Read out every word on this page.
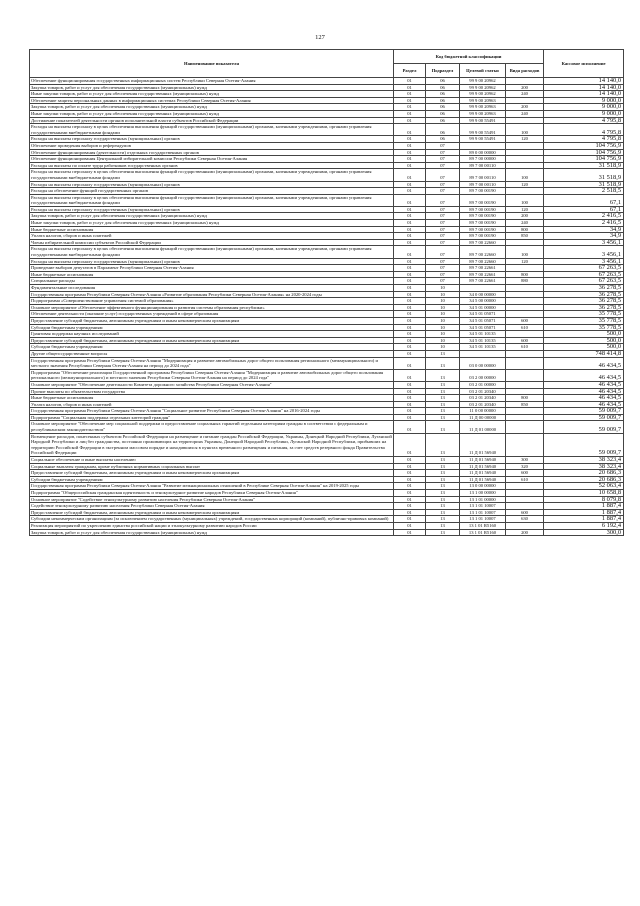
127
Наименование показателя	Код бюджетной классификации				Кассовое исполнение
	Раздел	Подраздел	Целевой статьи	Вида расходов	
Обеспечение функционирования государственных информационных систем Республики Северная Осетия-Алания	01	06	99 9 00 20962		14 140,0
Закупка товаров, работ и услуг для обеспечения государственных (муниципальных) нужд	01	06	99 9 00 20962	200	14 140,0
Иные закупки товаров, работ и услуг для обеспечения государственных (муниципальных) нужд	01	06	99 9 00 20962	240	14 140,0
Обеспечение защиты персональных данных в информационных системах Республики Северная Осетия-Алания	01	06	99 9 00 20963		9 000,0
Закупка товаров, работ и услуг для обеспечения государственных (муниципальных) нужд	01	06	99 9 00 20963	200	9 000,0
Иные закупки товаров, работ и услуг для обеспечения государственных (муниципальных) нужд	01	06	99 9 00 20963	240	9 000,0
Достижение показателей деятельности органов исполнительной власти субъектов Российской Федерации	01	06	99 9 00 55491		4 795,8
Расходы на выплаты персоналу в целях обеспечения выполнения функций государственными (муниципальными) органами, казенными учреждениями, органами управления государственными внебюджетными фондами	01	06	99 9 00 55491	100	4 795,8
Расходы на выплаты персоналу государственных (муниципальных) органов	01	06	99 9 00 55491	120	4 795,8
Обеспечение проведения выборов и референдумов	01	07			104 756,9
Обеспечение функционирования (деятельности) отдельных государственных органов	01	07	89 0 00 00000		104 756,9
Обеспечение функционирования Центральной избирательной комиссии Республики Северная Осетия-Алания	01	07	89 7 00 00000		104 756,9
Расходы на выплаты по оплате труда работников государственных органов	01	07	89 7 00 00110		31 518,9
Расходы на выплаты персоналу в целях обеспечения выполнения функций государственными (муниципальными) органами, казенными учреждениями, органами управления государственными внебюджетными фондами	01	07	89 7 00 00110	100	31 518,9
Расходы на выплаты персоналу государственных (муниципальных) органов	01	07	89 7 00 00110	120	31 518,9
Расходы на обеспечение функций государственных органов	01	07	89 7 00 00190		2 518,5
Расходы на выплаты персоналу в целях обеспечения выполнения функций государственными (муниципальными) органами, казенными учреждениями, органами управления государственными внебюджетными фондами	01	07	89 7 00 00190	100	67,1
Расходы на выплаты персоналу государственных (муниципальных) органов	01	07	89 7 00 00190	120	67,1
Закупка товаров, работ и услуг для обеспечения государственных (муниципальных) нужд	01	07	89 7 00 00190	200	2 416,5
Иные закупки товаров, работ и услуг для обеспечения государственных (муниципальных) нужд	01	07	89 7 00 00190	240	2 416,5
Иные бюджетные ассигнования	01	07	89 7 00 00190	800	34,9
Уплата налогов, сборов и иных платежей	01	07	89 7 00 00190	850	34,9
Члены избирательной комиссии субъектов Российской Федерации	01	07	89 7 00 22660		3 456,1
Расходы на выплаты персоналу в целях обеспечения выполнения функций государственными (муниципальными) органами, казенными учреждениями, органами управления государственными внебюджетными фондами	01	07	89 7 00 22660	100	3 456,1
Расходы на выплаты персоналу государственных (муниципальных) органов	01	07	89 7 00 22660	120	3 456,1
Проведение выборов депутатов в Парламент Республики Северная Осетия-Алания	01	07	89 7 00 22661		67 263,5
Иные бюджетные ассигнования	01	07	89 7 00 22661	800	67 263,5
Специальные расходы	01	07	89 7 00 22661	880	67 263,5
Фундаментальные исследования	01	10			36 278,5
Государственная программа Республики Северная Осетия-Алания «Развитие образования Республики Северная Осетия-Алания» на 2020-2024 годы	01	10	34 0 00 00000		36 278,5
Подпрограмма «Совершенствование управления системой образования»	01	10	34 5 00 00000		36 278,5
Основное мероприятие «Обеспечение эффективного функционирования и развития системы образования республики»	01	10	34 5 01 00000		36 278,5
Обеспечение деятельности (оказание услуг) государственных учреждений в сфере образования	01	10	34 5 01 05071		35 778,5
Предоставление субсидий бюджетным, автономным учреждениям и иным некоммерческим организациям	01	10	34 5 01 05071	600	35 778,5
Субсидии бюджетным учреждениям	01	10	34 5 01 05071	610	35 778,5
Грантовая поддержка научных исследований	01	10	34 5 01 10135		500,0
Предоставление субсидий бюджетным, автономным учреждениям и иным некоммерческим организациям	01	10	34 5 01 10135	600	500,0
Субсидии бюджетным учреждениям	01	10	34 5 01 10135	610	500,0
Другие общегосударственные вопросы	01	13			748 414,8
Государственная программа Республики Северная Осетия-Алания "Модернизация и развитие автомобильных дорог общего пользования регионального (межмуниципального) и местного значения Республики Северная Осетия-Алания на период до 2024 года"	01	13	03 0 00 00000		46 434,5
Подпрограмма "Обеспечение реализации Государственной программы Республики Северная Осетия-Алания "Модернизация и развитие автомобильных дорог общего пользования регионального (межмуниципального) и местного значения Республики Северная Осетия-Алания на период до 2024 года"	01	13	03 2 00 00000		46 434,5
Основное мероприятие "Обеспечение деятельности Комитета дорожного хозяйства Республики Северная Осетия-Алания"	01	13	03 2 01 00000		46 434,5
Прочие выплаты по обязательствам государства	01	13	03 2 01 20340		46 434,5
Иные бюджетные ассигнования	01	13	03 2 01 20340	800	46 434,5
Уплата налогов, сборов и иных платежей	01	13	03 2 01 20340	850	46 434,5
Государственная программа Республики Северная Осетия-Алания "Социальное развитие Республики Северная Осетия-Алания" на 2016-2024 годы	01	13	11 0 00 00000		59 009,7
Подпрограмма "Социальная поддержка отдельных категорий граждан"	01	13	11 Д 00 00000		59 009,7
Основное мероприятие "Обеспечение мер социальной поддержки и предоставление социальных гарантий отдельным категориям граждан в соответствии с федеральным и республиканским законодательством"	01	13	11 Д 01 00000		59 009,7
Возмещение расходов, понесенных субъектом Российской Федерации на размещение и питание граждан Российской Федерации, Украины, Донецкой Народной Республики, Луганской Народной Республики и лиц без гражданства, постоянно проживающих на территориях Украины, Донецкой Народной Республики, Луганской Народной Республики, прибывших на территорию Российской Федерации в экстренном массовом порядке и находившихся в пунктах временного размещения и питания, за счет средств резервного фонда Правительства Российской Федерации	01	13	11 Д 01 56940		59 009,7
Социальное обеспечение и иные выплаты населению	01	13	11 Д 01 56940	300	38 323,4
Социальные выплаты гражданам, кроме публичных нормативных социальных выплат	01	13	11 Д 01 56940	320	38 323,4
Предоставление субсидий бюджетным, автономным учреждениям и иным некоммерческим организациям	01	13	11 Д 01 56940	600	20 686,3
Субсидии бюджетным учреждениям	01	13	11 Д 01 56940	610	20 686,3
Государственная программа Республики Северная Осетия-Алания "Развитие межнациональных отношений в Республике Северная Осетия-Алания" на 2019-2025 годы	01	13	13 0 00 00000		52 063,4
Подпрограмма "Общероссийская гражданская идентичность и этнокультурное развитие народов Республики Северная Осетия-Алания"	01	13	13 1 00 00000		10 658,8
Основное мероприятие "Содействие этнокультурному развитию населения Республики Северная Осетия-Алания"	01	13	13 1 01 00000		8 079,8
Содействие этнокультурному развитию населения Республики Северная Осетия-Алания	01	13	13 1 01 10007		1 887,4
Предоставление субсидий бюджетным, автономным учреждениям и иным некоммерческим организациям	01	13	13 1 01 10007	600	1 887,4
Субсидии некоммерческим организациям (за исключением государственных (муниципальных) учреждений, государственных корпораций (компаний), публично-правовых компаний)	01	13	13 1 01 10007	630	1 887,4
Реализация мероприятий по укреплению единства российской нации и этнокультурному развитию народов России	01	13	13 1 01 R5160		6 192,4
Закупка товаров, работ и услуг для обеспечения государственных (муниципальных) нужд	01	13	13 1 01 R5160	200	300,0
